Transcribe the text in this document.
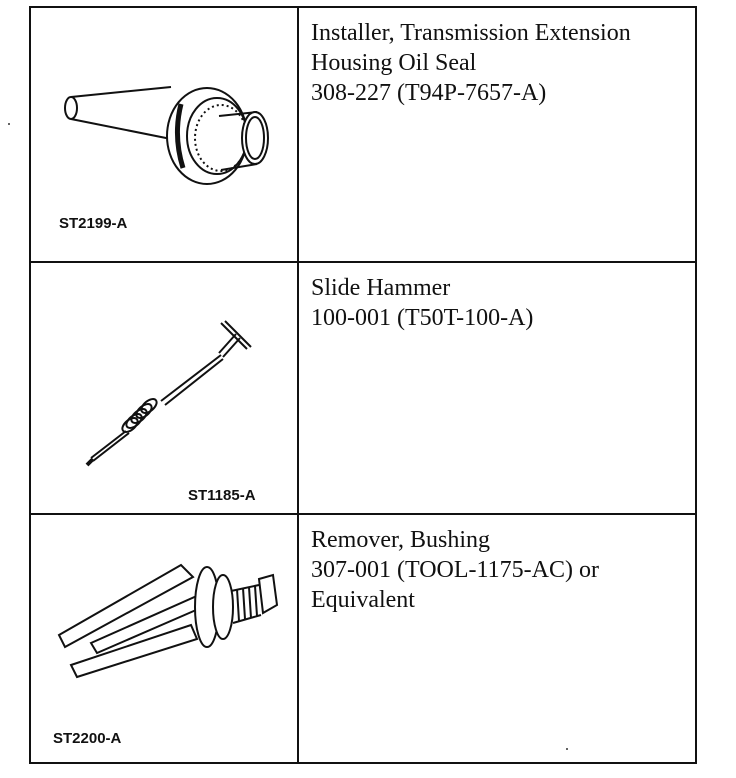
ST2199-A
Installer, Transmission Extension
Housing Oil Seal
308-227 (T94P-7657-A)
ST1185-A
Slide Hammer
100-001 (T50T-100-A)
ST2200-A
Remover, Bushing
307-001 (TOOL-1175-AC) or
Equivalent
